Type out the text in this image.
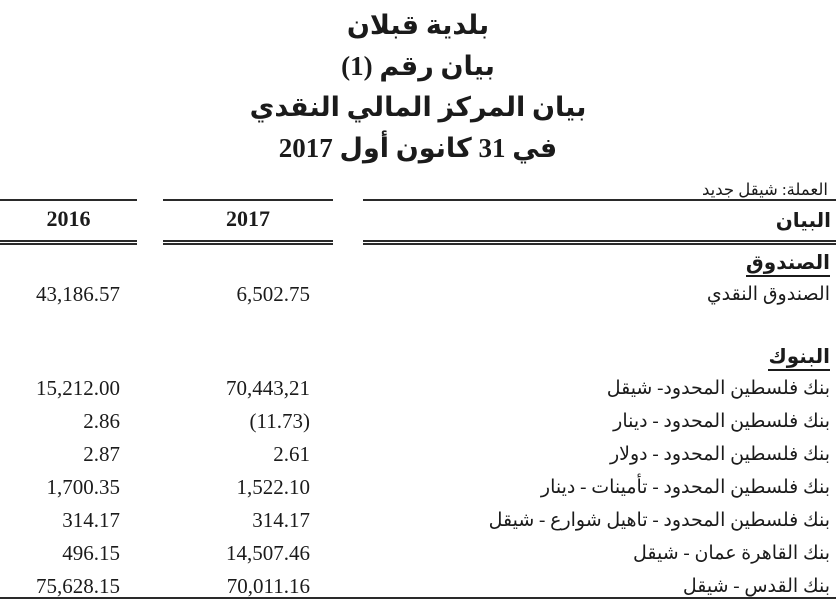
بلدية قبلان
بيان رقم (1)
بيان المركز المالي النقدي
في 31 كانون أول 2017
العملة: شيقل جديد
2016	2017	البيان
الصندوق
43,186.57	6,502.75	الصندوق النقدي
البنوك
15,212.00	70,443,21	بنك فلسطين المحدود- شيقل
2.86	(11.73)	بنك فلسطين المحدود - دينار
2.87	2.61	بنك فلسطين المحدود - دولار
1,700.35	1,522.10	بنك فلسطين المحدود - تأمينات - دينار
314.17	314.17	بنك فلسطين المحدود - تاهيل شوارع - شيقل
496.15	14,507.46	بنك القاهرة عمان - شيقل
75,628.15	70,011.16	بنك القدس - شيقل
